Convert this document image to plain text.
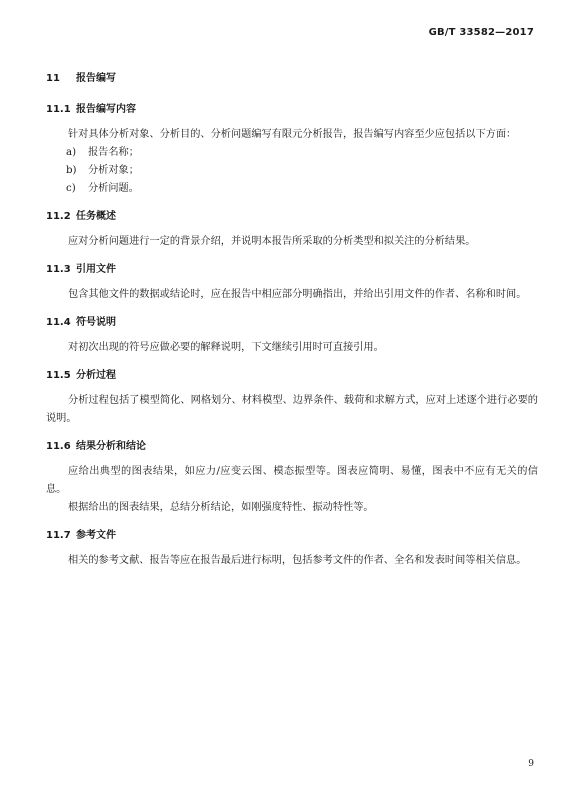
GB/T 33582—2017
11	报告编写
11.1 报告编写内容

针对具体分析对象、分析目的、分析问题编写有限元分析报告，报告编写内容至少应包括以下方面：

a)	报告名称；
b)	分析对象；
c)	分析问题。
11.2 任务概述

应对分析问题进行一定的背景介绍，并说明本报告所采取的分析类型和拟关注的分析结果。

11.3 引用文件

包含其他文件的数据或结论时，应在报告中相应部分明确指出，并给出引用文件的作者、名称和时间。

11.4 符号说明

对初次出现的符号应做必要的解释说明，下文继续引用时可直接引用。

11.5 分析过程

分析过程包括了模型简化、网格划分、材料模型、边界条件、载荷和求解方式，应对上述逐个进行必要的说明。

11.6 结果分析和结论

应给出典型的图表结果，如应力/应变云图、模态振型等。图表应简明、易懂，图表中不应有无关的信息。

根据给出的图表结果，总结分析结论，如刚强度特性、振动特性等。

11.7 参考文件

相关的参考文献、报告等应在报告最后进行标明，包括参考文件的作者、全名和发表时间等相关信息。

9
